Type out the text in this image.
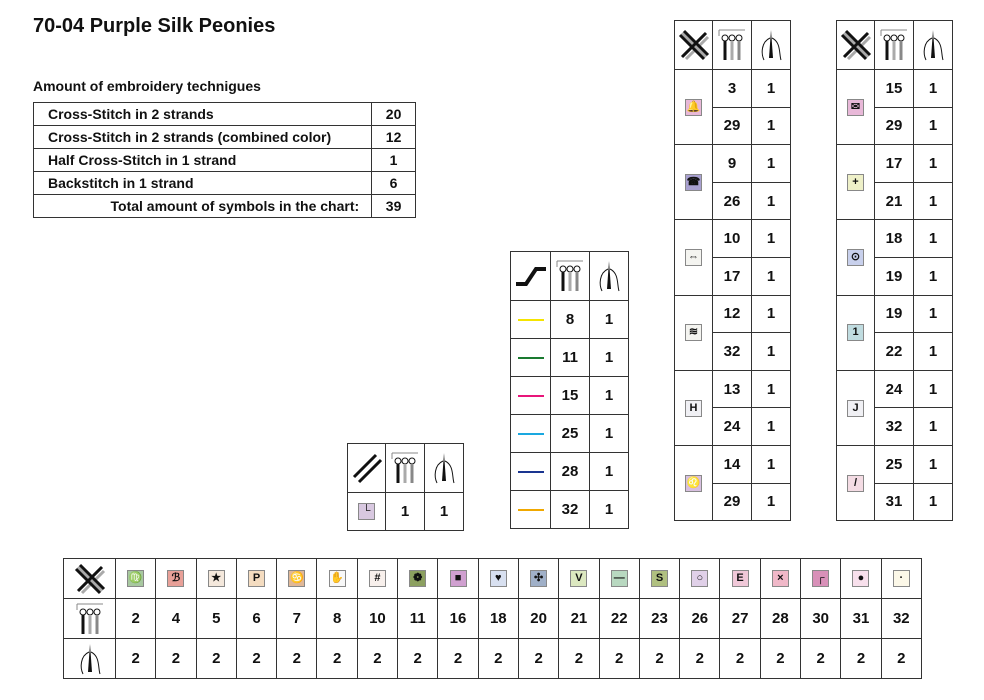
70-04 Purple Silk Peonies
Amount of embroidery technigues
Cross-Stitch in 2 strands	20
Cross-Stitch in 2 strands (combined color)	12
Half Cross-Stitch in 1 strand	1
Backstitch in 1 strand	6
Total amount of symbols in the chart:	39

└	1	1

	8	1
	11	1
	15	1
	25	1
	28	1
	32	1

🔔	3	1
	29	1
☎	9	1
	26	1
⇔	10	1
	17	1
≋	12	1
	32	1
H	13	1
	24	1
♌	14	1
	29	1

✉	15	1
	29	1
+	17	1
	21	1
⊙	18	1
	19	1
1	19	1
	22	1
J	24	1
	32	1
/	25	1
	31	1
	♍	ℬ	★	P	♋	✋	#	❁	■	♥	✣	V	—	S	○	E	×	┌	●	·

	2	4	5	6	7	8	10	11	16	18	20	21	22	23	26	27	28	30	31	32

	2	2	2	2	2	2	2	2	2	2	2	2	2	2	2	2	2	2	2	2
